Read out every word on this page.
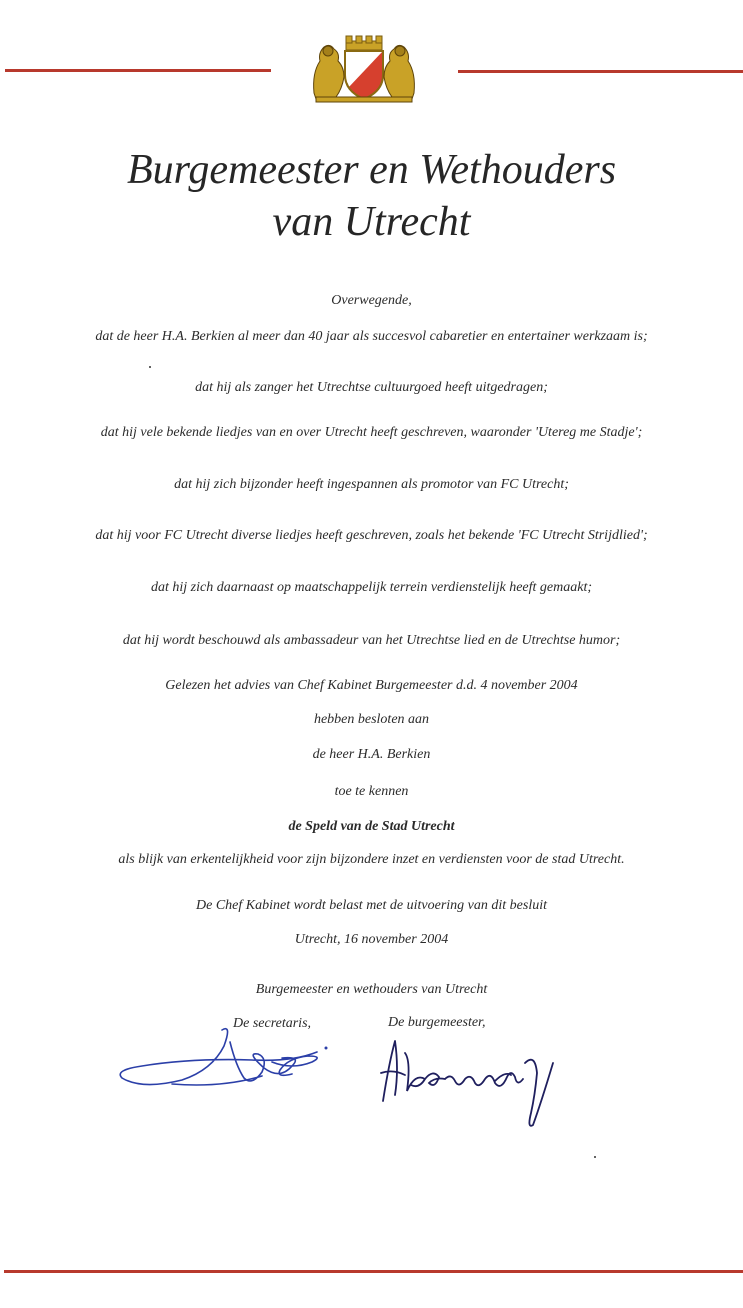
Burgemeester en Wethouders
van Utrecht
Overwegende,
dat de heer H.A. Berkien al meer dan 40 jaar als succesvol cabaretier en entertainer werkzaam is;
dat hij als zanger het Utrechtse cultuurgoed heeft uitgedragen;
dat hij vele bekende liedjes van en over Utrecht heeft geschreven, waaronder 'Utereg me Stadje';
dat hij zich bijzonder heeft ingespannen als promotor van FC Utrecht;
dat hij voor FC Utrecht diverse liedjes heeft geschreven, zoals het bekende 'FC Utrecht Strijdlied';
dat hij zich daarnaast op maatschappelijk terrein verdienstelijk heeft gemaakt;
dat hij wordt beschouwd als ambassadeur van het Utrechtse lied en de Utrechtse humor;
Gelezen het advies van Chef Kabinet Burgemeester d.d. 4 november 2004
hebben besloten aan
de heer H.A. Berkien
toe te kennen
de Speld van de Stad Utrecht
als blijk van erkentelijkheid voor zijn bijzondere inzet en verdiensten voor de stad Utrecht.
De Chef Kabinet wordt belast met de uitvoering van dit besluit
Utrecht, 16 november 2004
Burgemeester en wethouders van Utrecht
De secretaris,	De burgemeester,
